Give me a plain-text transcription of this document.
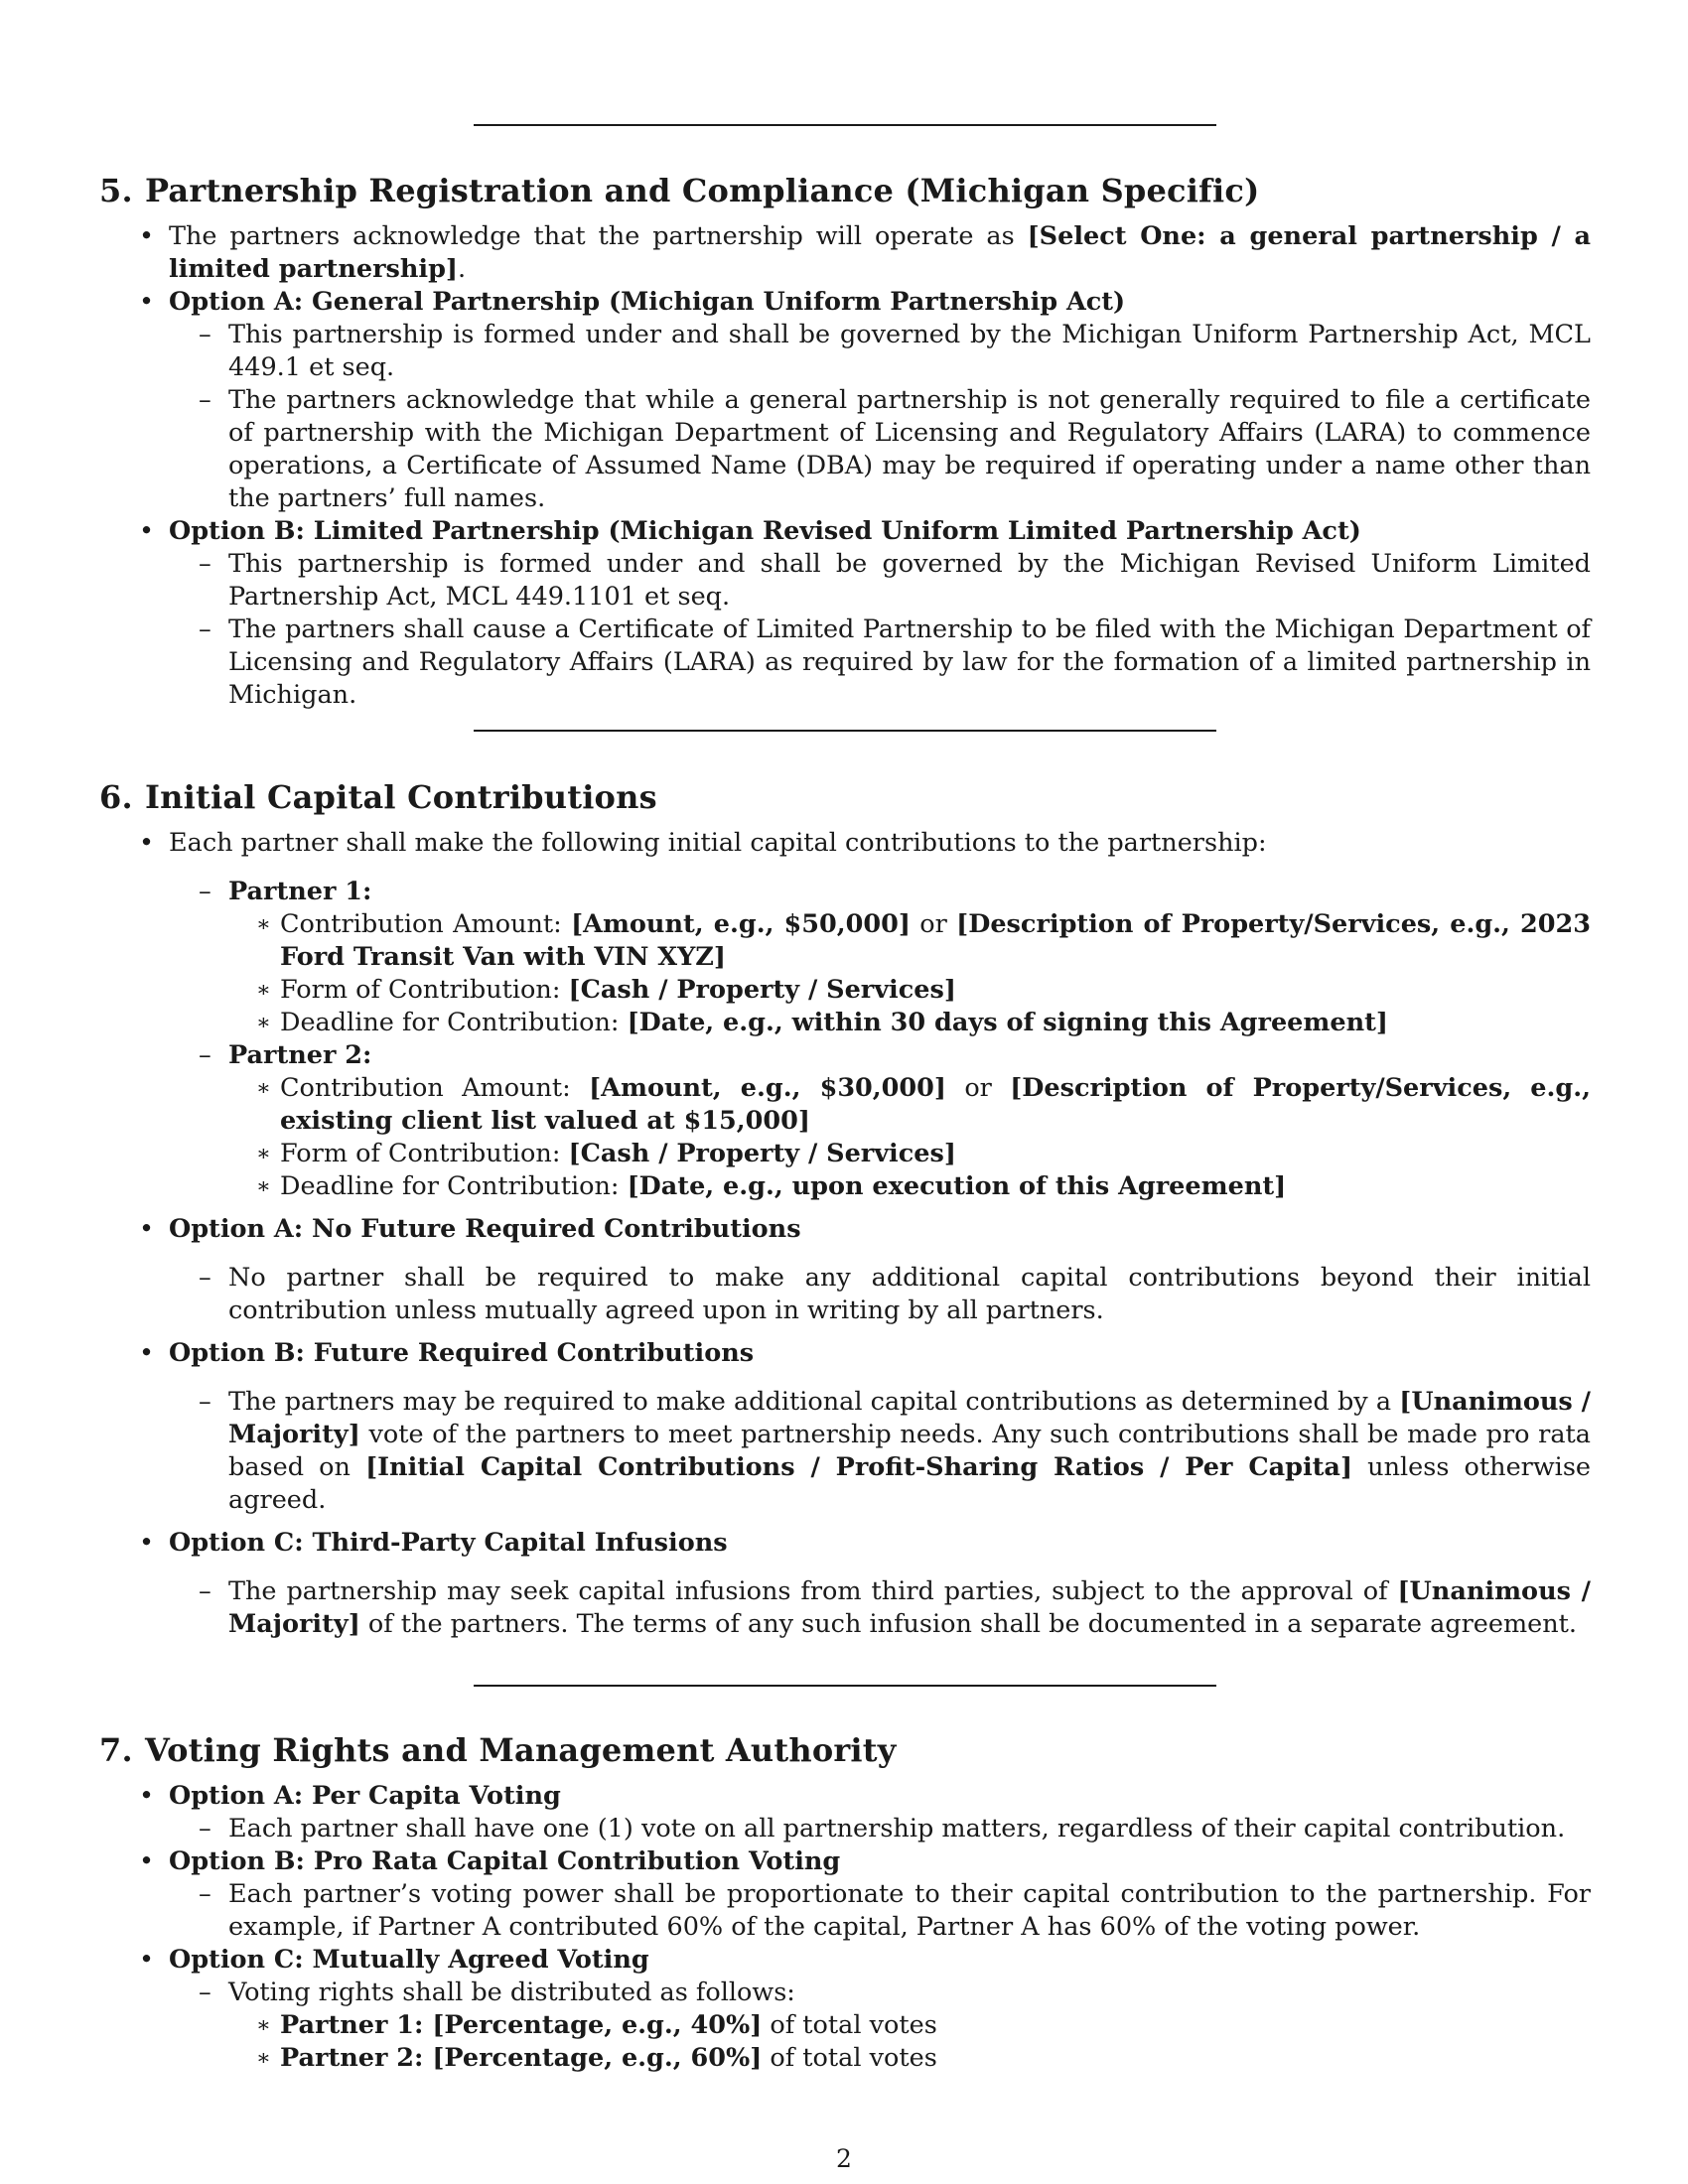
5. Partnership Registration and Compliance (Michigan Specific)
• The partners acknowledge that the partnership will operate as [Select One: a general partnership / a limited partnership].
• Option A: General Partnership (Michigan Uniform Partnership Act)
– This partnership is formed under and shall be governed by the Michigan Uniform Partnership Act, MCL 449.1 et seq.
– The partners acknowledge that while a general partnership is not generally required to file a certificate of partnership with the Michigan Department of Licensing and Regulatory Affairs (LARA) to commence operations, a Certificate of Assumed Name (DBA) may be required if operating under a name other than the partners’ full names.
• Option B: Limited Partnership (Michigan Revised Uniform Limited Partnership Act)
– This partnership is formed under and shall be governed by the Michigan Revised Uniform Limited Partnership Act, MCL 449.1101 et seq.
– The partners shall cause a Certificate of Limited Partnership to be filed with the Michigan Department of Licensing and Regulatory Affairs (LARA) as required by law for the formation of a limited partnership in Michigan.
6. Initial Capital Contributions
• Each partner shall make the following initial capital contributions to the partnership:
– Partner 1:
∗ Contribution Amount: [Amount, e.g., $50,000] or [Description of Property/Services, e.g., 2023 Ford Transit Van with VIN XYZ]
∗ Form of Contribution: [Cash / Property / Services]
∗ Deadline for Contribution: [Date, e.g., within 30 days of signing this Agreement]
– Partner 2:
∗ Contribution Amount: [Amount, e.g., $30,000] or [Description of Property/Services, e.g., existing client list valued at $15,000]
∗ Form of Contribution: [Cash / Property / Services]
∗ Deadline for Contribution: [Date, e.g., upon execution of this Agreement]
• Option A: No Future Required Contributions
– No partner shall be required to make any additional capital contributions beyond their initial contribution unless mutually agreed upon in writing by all partners.
• Option B: Future Required Contributions
– The partners may be required to make additional capital contributions as determined by a [Unanimous / Majority] vote of the partners to meet partnership needs. Any such contributions shall be made pro rata based on [Initial Capital Contributions / Profit-Sharing Ratios / Per Capita] unless otherwise agreed.
• Option C: Third-Party Capital Infusions
– The partnership may seek capital infusions from third parties, subject to the approval of [Unanimous / Majority] of the partners. The terms of any such infusion shall be documented in a separate agreement.
7. Voting Rights and Management Authority
• Option A: Per Capita Voting
– Each partner shall have one (1) vote on all partnership matters, regardless of their capital contribution.
• Option B: Pro Rata Capital Contribution Voting
– Each partner’s voting power shall be proportionate to their capital contribution to the partnership. For example, if Partner A contributed 60% of the capital, Partner A has 60% of the voting power.
• Option C: Mutually Agreed Voting
– Voting rights shall be distributed as follows:
∗ Partner 1: [Percentage, e.g., 40%] of total votes
∗ Partner 2: [Percentage, e.g., 60%] of total votes
2
